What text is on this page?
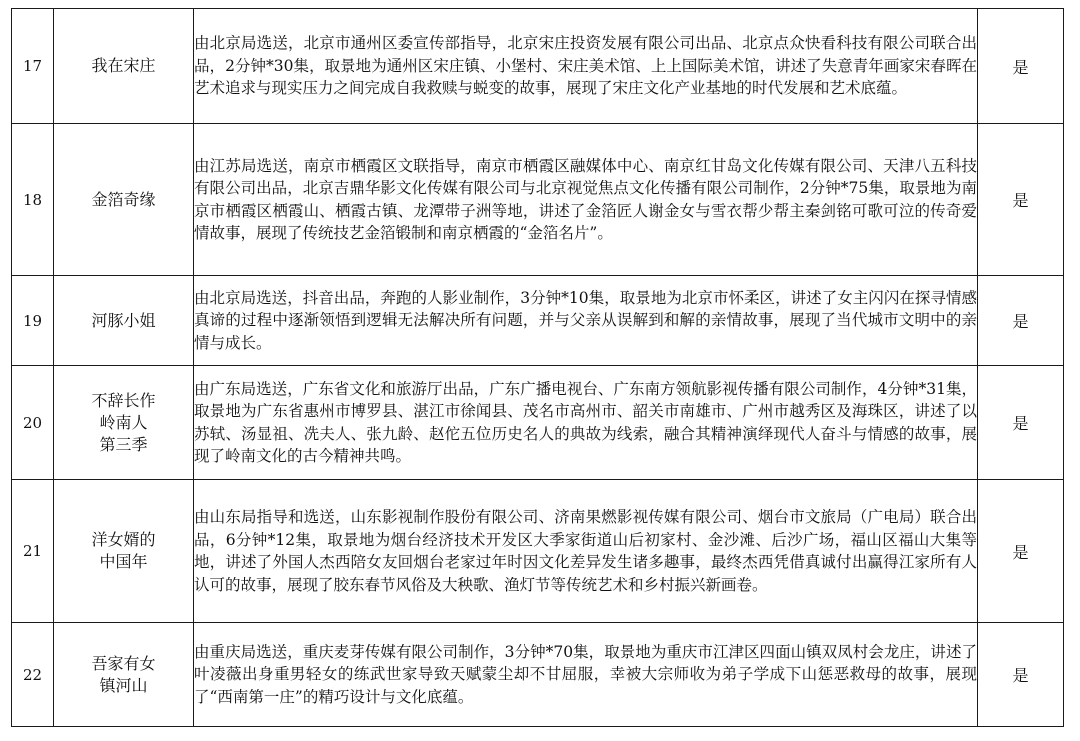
17	我在宋庄	由北京局选送，北京市通州区委宣传部指导，北京宋庄投资发展有限公司出品、北京点众快看科技有限公司联合出品，2分钟*30集，取景地为通州区宋庄镇、小堡村、宋庄美术馆、上上国际美术馆，讲述了失意青年画家宋春晖在艺术追求与现实压力之间完成自我救赎与蜕变的故事，展现了宋庄文化产业基地的时代发展和艺术底蕴。	是
18	金箔奇缘	由江苏局选送，南京市栖霞区文联指导，南京市栖霞区融媒体中心、南京红甘岛文化传媒有限公司、天津八五科技有限公司出品，北京吉鼎华影文化传媒有限公司与北京视觉焦点文化传播有限公司制作，2分钟*75集，取景地为南京市栖霞区栖霞山、栖霞古镇、龙潭带子洲等地，讲述了金箔匠人谢金女与雪衣帮少帮主秦剑铭可歌可泣的传奇爱情故事，展现了传统技艺金箔锻制和南京栖霞的“金箔名片”。	是
19	河豚小姐	由北京局选送，抖音出品，奔跑的人影业制作，3分钟*10集，取景地为北京市怀柔区，讲述了女主闪闪在探寻情感真谛的过程中逐渐领悟到逻辑无法解决所有问题，并与父亲从误解到和解的亲情故事，展现了当代城市文明中的亲情与成长。	是
20	不辞长作
岭南人
第三季	由广东局选送，广东省文化和旅游厅出品，广东广播电视台、广东南方领航影视传播有限公司制作，4分钟*31集，取景地为广东省惠州市博罗县、湛江市徐闻县、茂名市高州市、韶关市南雄市、广州市越秀区及海珠区，讲述了以苏轼、汤显祖、冼夫人、张九龄、赵佗五位历史名人的典故为线索，融合其精神演绎现代人奋斗与情感的故事，展现了岭南文化的古今精神共鸣。	是
21	洋女婿的
中国年	由山东局指导和选送，山东影视制作股份有限公司、济南果燃影视传媒有限公司、烟台市文旅局（广电局）联合出品，6分钟*12集，取景地为烟台经济技术开发区大季家街道山后初家村、金沙滩、后沙广场，福山区福山大集等地，讲述了外国人杰西陪女友回烟台老家过年时因文化差异发生诸多趣事，最终杰西凭借真诚付出赢得江家所有人认可的故事，展现了胶东春节风俗及大秧歌、渔灯节等传统艺术和乡村振兴新画卷。	是
22	吾家有女
镇河山	由重庆局选送，重庆麦芽传媒有限公司制作，3分钟*70集，取景地为重庆市江津区四面山镇双凤村会龙庄，讲述了叶凌薇出身重男轻女的练武世家导致天赋蒙尘却不甘屈服，幸被大宗师收为弟子学成下山惩恶救母的故事，展现了“西南第一庄”的精巧设计与文化底蕴。	是
